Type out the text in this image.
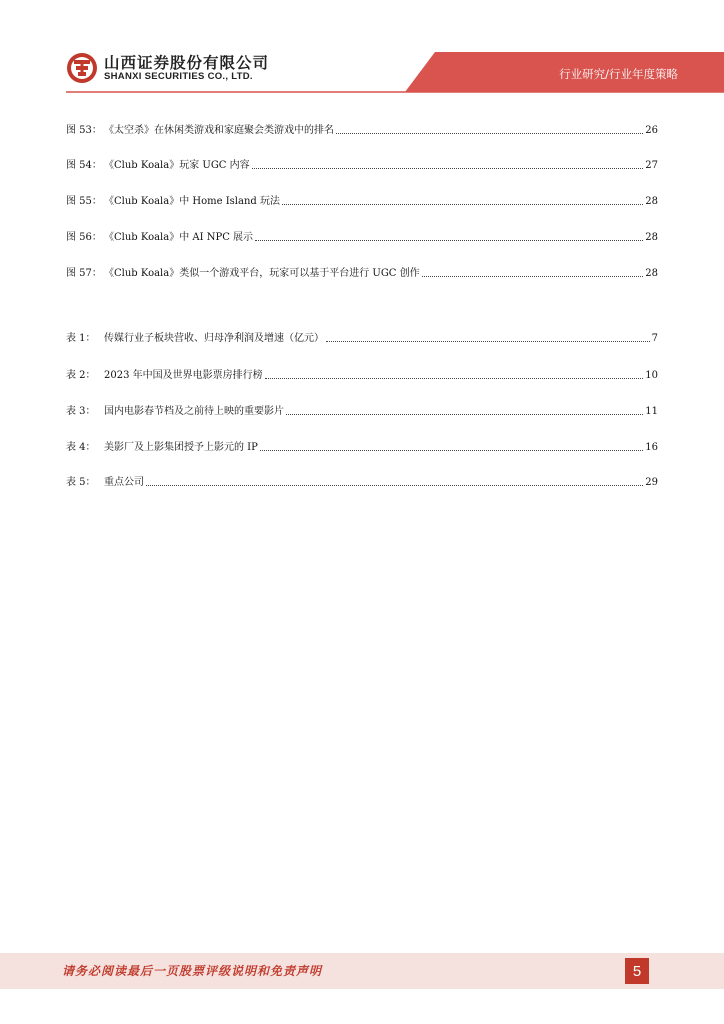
山西证券股份有限公司
SHANXI SECURITIES CO., LTD.	行业研究/行业年度策略
图 53： 《太空杀》在休闲类游戏和家庭聚会类游戏中的排名	26
图 54： 《Club Koala》玩家 UGC 内容	27
图 55： 《Club Koala》中 Home Island 玩法	28
图 56： 《Club Koala》中 AI NPC 展示	28
图 57： 《Club Koala》类似一个游戏平台，玩家可以基于平台进行 UGC 创作	28
表 1： 传媒行业子板块营收、归母净利润及增速（亿元）	7
表 2： 2023 年中国及世界电影票房排行榜	10
表 3： 国内电影春节档及之前待上映的重要影片	11
表 4： 美影厂及上影集团授予上影元的 IP	16
表 5： 重点公司	29
请务必阅读最后一页股票评级说明和免责声明	5
